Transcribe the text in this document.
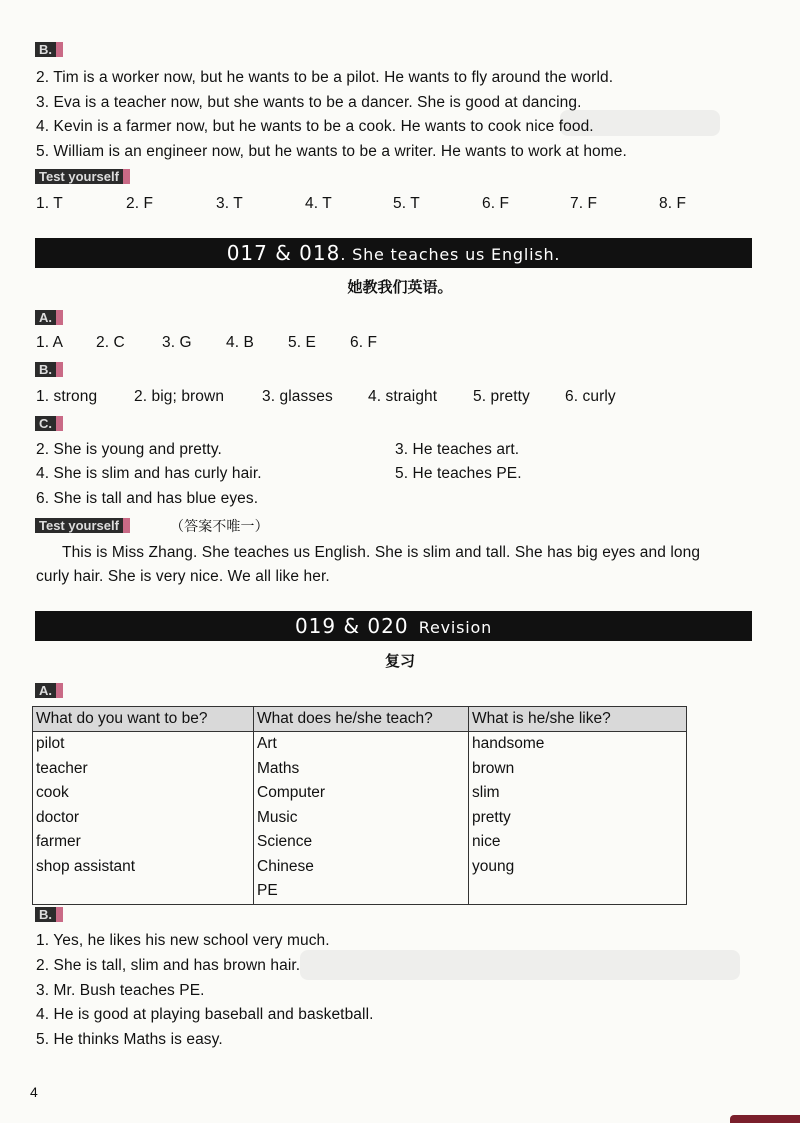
B.
2. Tim is a worker now, but he wants to be a pilot. He wants to fly around the world.
3. Eva is a teacher now, but she wants to be a dancer. She is good at dancing.
4. Kevin is a farmer now, but he wants to be a cook. He wants to cook nice food.
5. William is an engineer now, but he wants to be a writer. He wants to work at home.
Test yourself
1. T	2. F	3. T	4. T	5. T	6. F	7. F	8. F
017 & 018. She teaches us English.
她教我们英语。
A.
1. A 2. C 3. G 4. B 5. E 6. F
B.
1. strong 2. big; brown 3. glasses 4. straight 5. pretty 6. curly
C.
2. She is young and pretty.
4. She is slim and has curly hair.
6. She is tall and has blue eyes.
3. He teaches art.
5. He teaches PE.
Test yourself	（答案不唯一）
This is Miss Zhang. She teaches us English. She is slim and tall. She has big eyes and long
curly hair. She is very nice. We all like her.
019 & 020 Revision
复习
A.
What do you want to be?	What does he/she teach?	What is he/she like?
pilot	Art	handsome
teacher	Maths	brown
cook	Computer	slim
doctor	Music	pretty
farmer	Science	nice
shop assistant	Chinese	young
	PE	
B.
1. Yes, he likes his new school very much.
2. She is tall, slim and has brown hair.
3. Mr. Bush teaches PE.
4. He is good at playing baseball and basketball.
5. He thinks Maths is easy.
4
